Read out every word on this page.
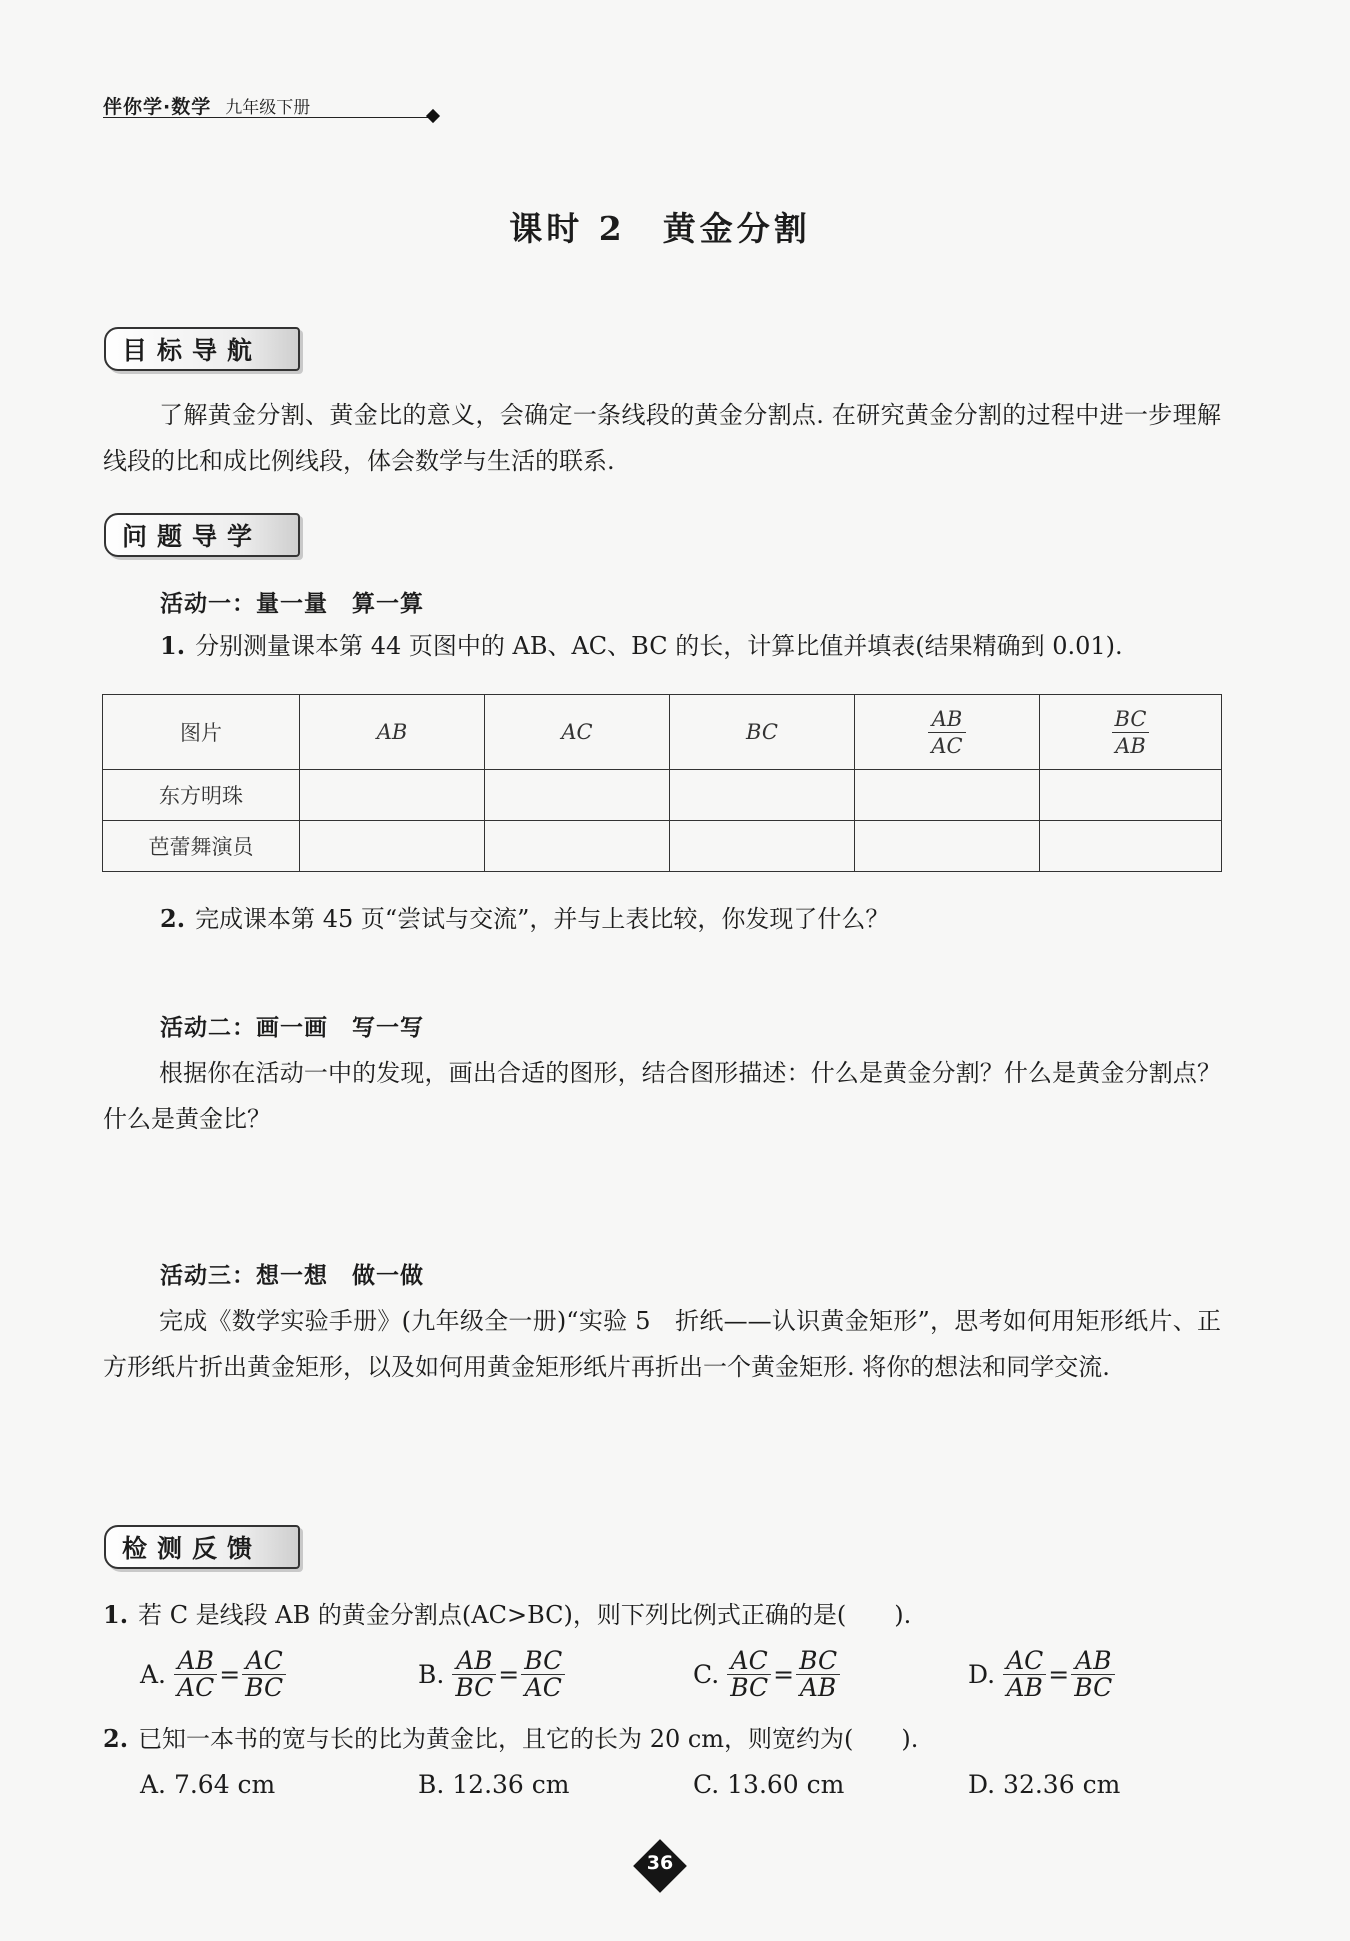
伴你学·数学 九年级下册
课时 2　黄金分割
目标导航
了解黄金分割、黄金比的意义，会确定一条线段的黄金分割点. 在研究黄金分割的过程中进一步理解线段的比和成比例线段，体会数学与生活的联系.
问题导学
活动一：量一量　算一算
1. 分别测量课本第 44 页图中的 AB、AC、BC 的长，计算比值并填表(结果精确到 0.01).
图片	AB	AC	BC	$\frac{AB}{AC}$	$\frac{BC}{AB}$

东方明珠					
芭蕾舞演员					
2. 完成课本第 45 页“尝试与交流”，并与上表比较，你发现了什么？
活动二：画一画　写一写
根据你在活动一中的发现，画出合适的图形，结合图形描述：什么是黄金分割？什么是黄金分割点？什么是黄金比？
活动三：想一想　做一做
完成《数学实验手册》(九年级全一册)“实验 5　折纸——认识黄金矩形”，思考如何用矩形纸片、正方形纸片折出黄金矩形，以及如何用黄金矩形纸片再折出一个黄金矩形. 将你的想法和同学交流.
检测反馈
1. 若 C 是线段 AB 的黄金分割点(AC>BC)，则下列比例式正确的是(　　).
A. $\frac{AB}{AC} = \frac{AC}{BC}$	B. $\frac{AB}{BC} = \frac{BC}{AC}$	C. $\frac{AC}{BC} = \frac{BC}{AB}$	D. $\frac{AC}{AB} = \frac{AB}{BC}$
2. 已知一本书的宽与长的比为黄金比，且它的长为 20 cm，则宽约为(　　).
A. 7.64 cm	B. 12.36 cm	C. 13.60 cm	D. 32.36 cm
36
